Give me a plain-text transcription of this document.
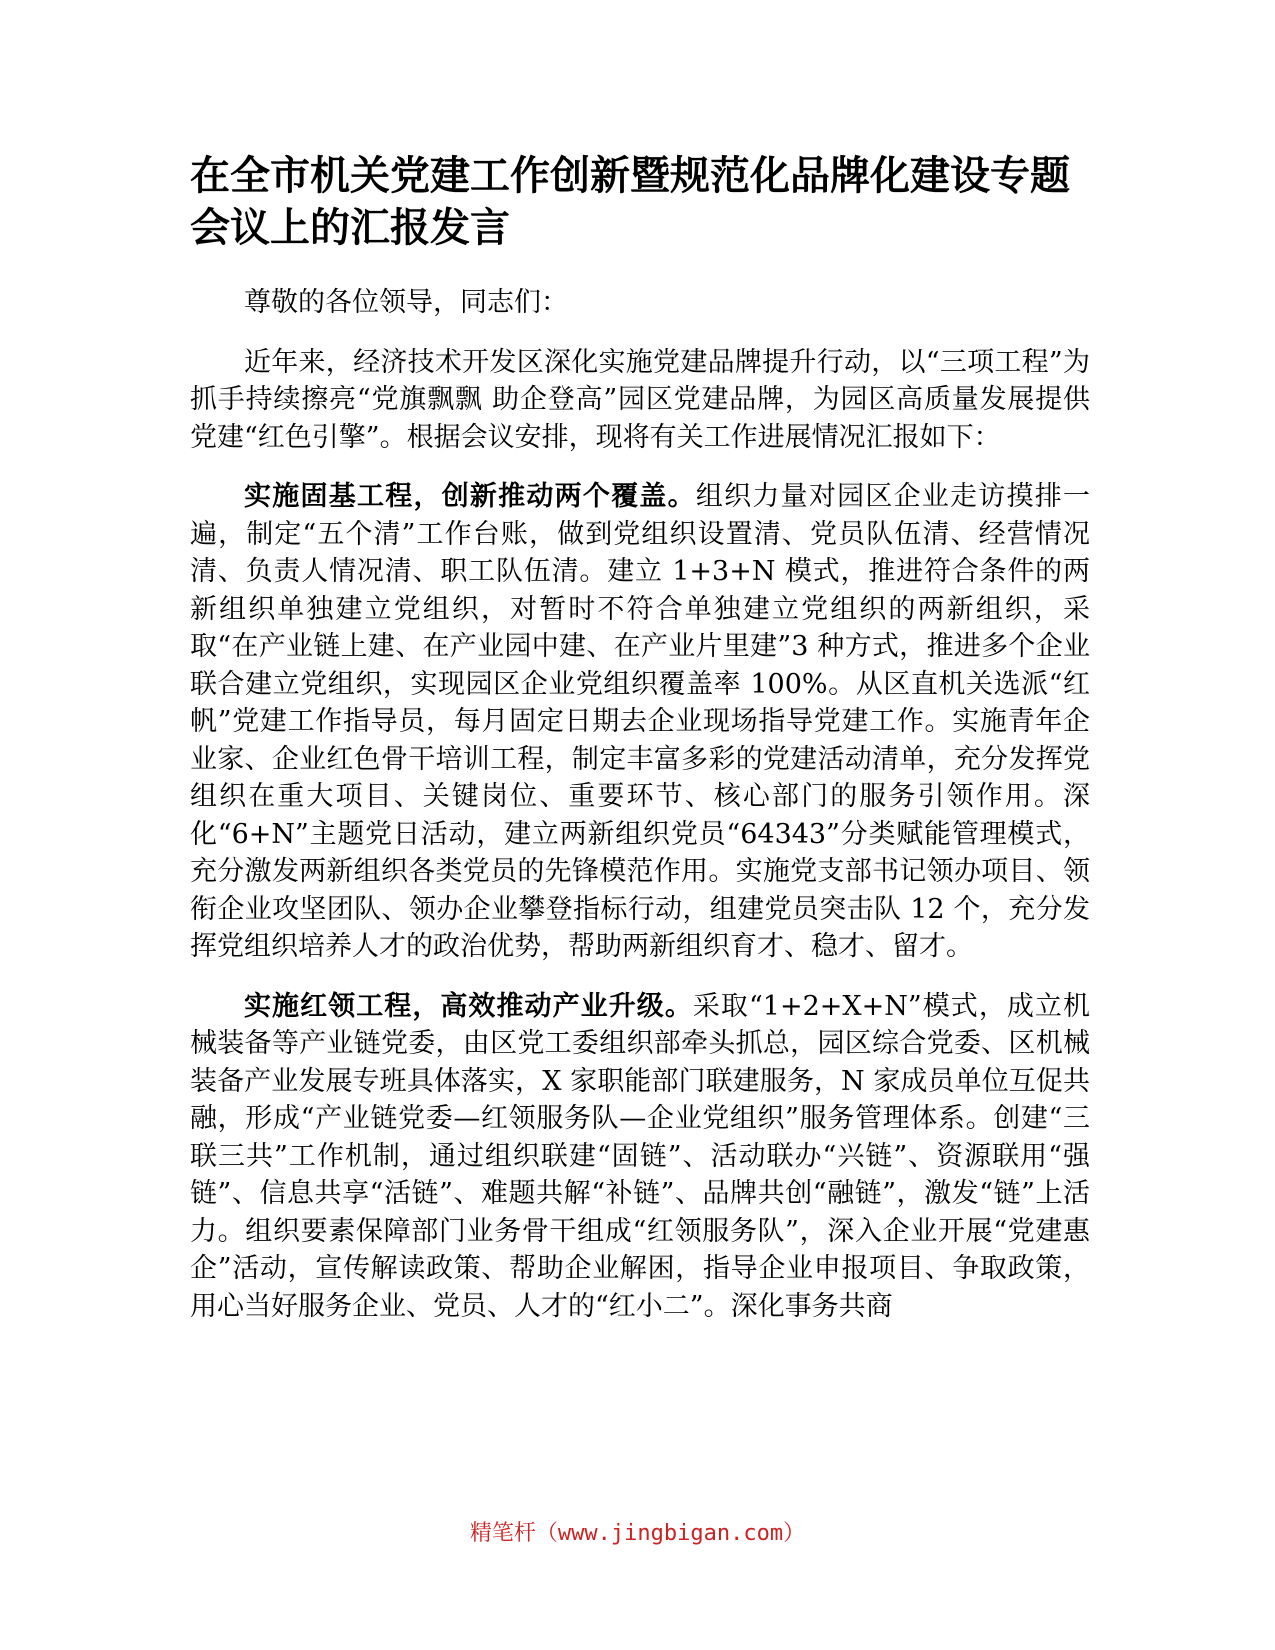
在全市机关党建工作创新暨规范化品牌化建设专题会议上的汇报发言

尊敬的各位领导，同志们：

近年来，经济技术开发区深化实施党建品牌提升行动，以“三项工程”为抓手持续擦亮“党旗飘飘 助企登高”园区党建品牌，为园区高质量发展提供党建“红色引擎”。根据会议安排，现将有关工作进展情况汇报如下：

实施固基工程，创新推动两个覆盖。组织力量对园区企业走访摸排一遍，制定“五个清”工作台账，做到党组织设置清、党员队伍清、经营情况清、负责人情况清、职工队伍清。建立 1+3+N 模式，推进符合条件的两新组织单独建立党组织，对暂时不符合单独建立党组织的两新组织，采取“在产业链上建、在产业园中建、在产业片里建”3 种方式，推进多个企业联合建立党组织，实现园区企业党组织覆盖率 100%。从区直机关选派“红帆”党建工作指导员，每月固定日期去企业现场指导党建工作。实施青年企业家、企业红色骨干培训工程，制定丰富多彩的党建活动清单，充分发挥党组织在重大项目、关键岗位、重要环节、核心部门的服务引领作用。深化“6+N”主题党日活动，建立两新组织党员“64343”分类赋能管理模式，充分激发两新组织各类党员的先锋模范作用。实施党支部书记领办项目、领衔企业攻坚团队、领办企业攀登指标行动，组建党员突击队 12 个，充分发挥党组织培养人才的政治优势，帮助两新组织育才、稳才、留才。

实施红领工程，高效推动产业升级。采取“1+2+X+N”模式，成立机械装备等产业链党委，由区党工委组织部牵头抓总，园区综合党委、区机械装备产业发展专班具体落实，X 家职能部门联建服务，N 家成员单位互促共融，形成“产业链党委—红领服务队—企业党组织”服务管理体系。创建“三联三共”工作机制，通过组织联建“固链”、活动联办“兴链”、资源联用“强链”、信息共享“活链”、难题共解“补链”、品牌共创“融链”，激发“链”上活力。组织要素保障部门业务骨干组成“红领服务队”，深入企业开展“党建惠企”活动，宣传解读政策、帮助企业解困，指导企业申报项目、争取政策，用心当好服务企业、党员、人才的“红小二”。深化事务共商

精笔杆（www.jingbigan.com）
